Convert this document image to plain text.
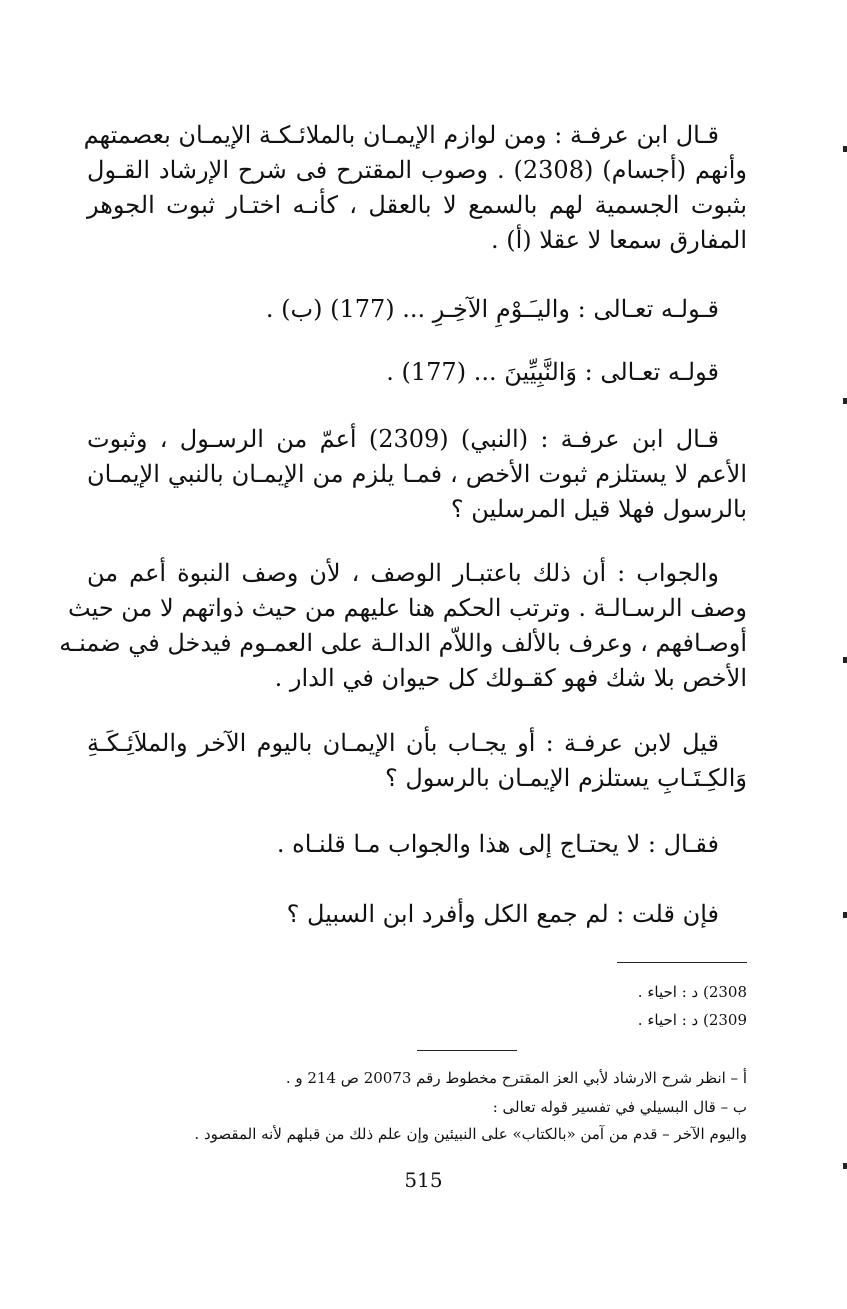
قـال ابن عرفـة : ومن لوازم الإيمـان بالملائـكـة الإيمـان بعصمتهم
وأنهم (أجسام) (2308) . وصوب المقترح فى شرح الإرشاد القـول
بثبوت الجسمية لهم بالسمع لا بالعقل ، كأنـه اختـار ثبوت الجوهر
المفارق سمعا لا عقلا (أ) .
قـولـه تعـالى : واليـَـوْمِ الآخِـرِ ... (177) (ب) .
قولـه تعـالى : وَالنَّبِيِّينَ ... (177) .
قـال ابن عرفـة : (النبي) (2309) أعمّ من الرسـول ، وثبوت
الأعم لا يستلزم ثبوت الأخص ، فمـا يلزم من الإيمـان بالنبي الإيمـان
بالرسول فهلا قيل المرسلين ؟
والجواب : أن ذلك باعتبـار الوصف ، لأن وصف النبوة أعم من
وصف الرسـالـة . وترتب الحكم هنا عليهم من حيث ذواتهم لا من حيث
أوصـافهم ، وعرف بالألف واللاّم الدالـة على العمـوم فيدخل في ضمنـه
الأخص بلا شك فهو كقـولك كل حيوان في الدار .
قيل لابن عرفـة : أو يجـاب بأن الإيمـان باليوم الآخر والملاَئِـكَـةِ
وَالكِـتَـابِ يستلزم الإيمـان بالرسول ؟
فقـال : لا يحتـاج إلى هذا والجواب مـا قلنـاه .
فإن قلت : لم جمع الكل وأفرد ابن السبيل ؟
2308) د : احياء .
2309) د : احياء .
أ – انظر شرح الارشاد لأبي العز المقترح مخطوط رقم 20073 ص 214 و .
ب – قال البسيلي في تفسير قوله تعالى :
واليوم الآخر – قدم من آمن «بالكتاب» على النبيئين وإن علم ذلك من قبلهم لأنه المقصود .
515
